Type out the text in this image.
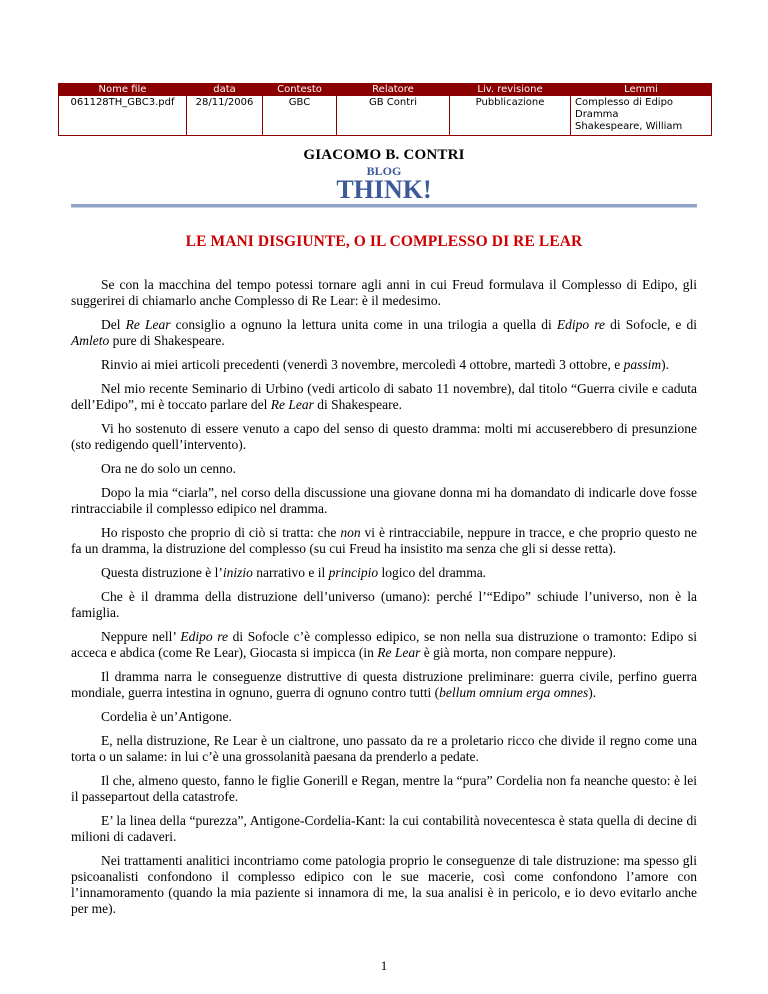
Nome file	data	Contesto	Relatore	Liv. revisione	Lemmi
061128TH_GBC3.pdf	28/11/2006	GBC	GB Contri	Pubblicazione	Complesso di Edipo
Dramma
Shakespeare, William
GIACOMO B. CONTRI
BLOG
THINK!
LE MANI DISGIUNTE, O IL COMPLESSO DI RE LEAR

Se con la macchina del tempo potessi tornare agli anni in cui Freud formulava il Complesso di Edipo, gli suggerirei di chiamarlo anche Complesso di Re Lear: è il medesimo.

Del Re Lear consiglio a ognuno la lettura unita come in una trilogia a quella di Edipo re di Sofocle, e di Amleto pure di Shakespeare.

Rinvio ai miei articoli precedenti (venerdì 3 novembre, mercoledì 4 ottobre, martedì 3 ottobre, e passim).

Nel mio recente Seminario di Urbino (vedi articolo di sabato 11 novembre), dal titolo “Guerra civile e caduta dell’Edipo”, mi è toccato parlare del Re Lear di Shakespeare.

Vi ho sostenuto di essere venuto a capo del senso di questo dramma: molti mi accuserebbero di presunzione (sto redigendo quell’intervento).

Ora ne do solo un cenno.

Dopo la mia “ciarla”, nel corso della discussione una giovane donna mi ha domandato di indicarle dove fosse rintracciabile il complesso edipico nel dramma.

Ho risposto che proprio di ciò si tratta: che non vi è rintracciabile, neppure in tracce, e che proprio questo ne fa un dramma, la distruzione del complesso (su cui Freud ha insistito ma senza che gli si desse retta).

Questa distruzione è l’inizio narrativo e il principio logico del dramma.

Che è il dramma della distruzione dell’universo (umano): perché l’“Edipo” schiude l’universo, non è la famiglia.

Neppure nell’ Edipo re di Sofocle c’è complesso edipico, se non nella sua distruzione o tramonto: Edipo si acceca e abdica (come Re Lear), Giocasta si impicca (in Re Lear è già morta, non compare neppure).

Il dramma narra le conseguenze distruttive di questa distruzione preliminare: guerra civile, perfino guerra mondiale, guerra intestina in ognuno, guerra di ognuno contro tutti (bellum omnium erga omnes).

Cordelia è un’Antigone.

E, nella distruzione, Re Lear è un cialtrone, uno passato da re a proletario ricco che divide il regno come una torta o un salame: in lui c’è una grossolanità paesana da prenderlo a pedate.

Il che, almeno questo, fanno le figlie Gonerill e Regan, mentre la “pura” Cordelia non fa neanche questo: è lei il passepartout della catastrofe.

E’ la linea della “purezza”, Antigone-Cordelia-Kant: la cui contabilità novecentesca è stata quella di decine di milioni di cadaveri.

Nei trattamenti analitici incontriamo come patologia proprio le conseguenze di tale distruzione: ma spesso gli psicoanalisti confondono il complesso edipico con le sue macerie, così come confondono l’amore con l’innamoramento (quando la mia paziente si innamora di me, la sua analisi è in pericolo, e io devo evitarlo anche per me).

1
